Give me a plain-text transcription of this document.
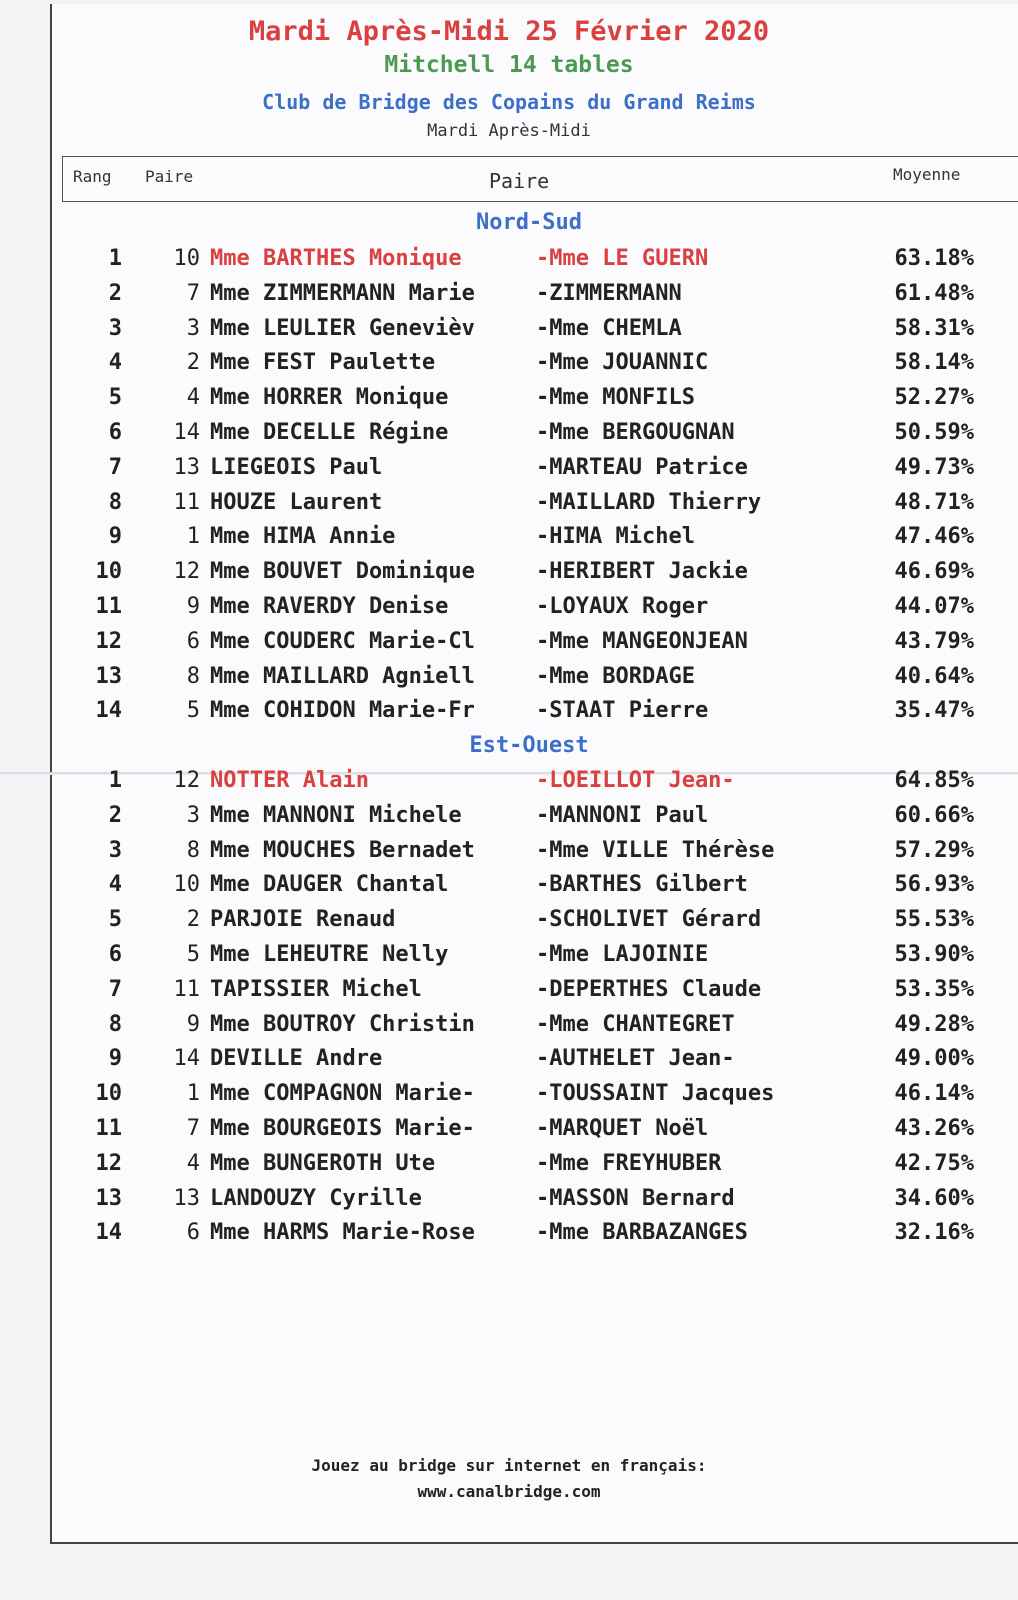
Mardi Après-Midi 25 Février 2020
Mitchell 14 tables
Club de Bridge des Copains du Grand Reims
Mardi Après-Midi
Rang Paire	Paire	Moyenne
Nord-Sud
1	10 Mme BARTHES Monique	-Mme LE GUERN	63.18%
2	7 Mme ZIMMERMANN Marie	-ZIMMERMANN	61.48%
3	3 Mme LEULIER Genevièv	-Mme CHEMLA	58.31%
4	2 Mme FEST Paulette	-Mme JOUANNIC	58.14%
5	4 Mme HORRER Monique	-Mme MONFILS	52.27%
6	14 Mme DECELLE Régine	-Mme BERGOUGNAN	50.59%
7	13 LIEGEOIS Paul	-MARTEAU Patrice	49.73%
8	11 HOUZE Laurent	-MAILLARD Thierry	48.71%
9	1 Mme HIMA Annie	-HIMA Michel	47.46%
10	12 Mme BOUVET Dominique	-HERIBERT Jackie	46.69%
11	9 Mme RAVERDY Denise	-LOYAUX Roger	44.07%
12	6 Mme COUDERC Marie-Cl	-Mme MANGEONJEAN	43.79%
13	8 Mme MAILLARD Agniell	-Mme BORDAGE	40.64%
14	5 Mme COHIDON Marie-Fr	-STAAT Pierre	35.47%
Est-Ouest
1	12 NOTTER Alain	-LOEILLOT Jean-	64.85%
2	3 Mme MANNONI Michele	-MANNONI Paul	60.66%
3	8 Mme MOUCHES Bernadet	-Mme VILLE Thérèse	57.29%
4	10 Mme DAUGER Chantal	-BARTHES Gilbert	56.93%
5	2 PARJOIE Renaud	-SCHOLIVET Gérard	55.53%
6	5 Mme LEHEUTRE Nelly	-Mme LAJOINIE	53.90%
7	11 TAPISSIER Michel	-DEPERTHES Claude	53.35%
8	9 Mme BOUTROY Christin	-Mme CHANTEGRET	49.28%
9	14 DEVILLE Andre	-AUTHELET Jean-	49.00%
10	1 Mme COMPAGNON Marie-	-TOUSSAINT Jacques	46.14%
11	7 Mme BOURGEOIS Marie-	-MARQUET Noël	43.26%
12	4 Mme BUNGEROTH Ute	-Mme FREYHUBER	42.75%
13	13 LANDOUZY Cyrille	-MASSON Bernard	34.60%
14	6 Mme HARMS Marie-Rose	-Mme BARBAZANGES	32.16%
Jouez au bridge sur internet en français:
www.canalbridge.com
